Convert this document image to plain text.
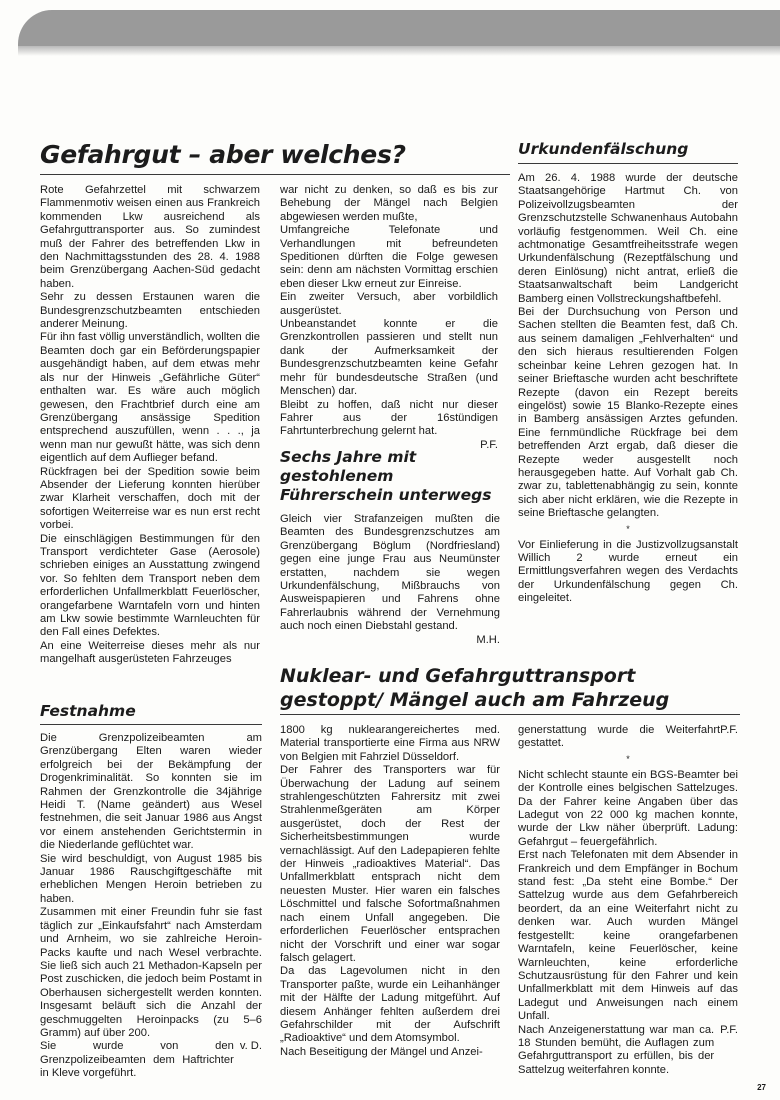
Gefahrgut – aber welches?

Rote Gefahrzettel mit schwarzem Flammenmotiv weisen einen aus Frankreich kommenden Lkw ausreichend als Gefahrguttransporter aus. So zumindest muß der Fahrer des betreffenden Lkw in den Nachmittagsstunden des 28. 4. 1988 beim Grenzübergang Aachen-Süd gedacht haben.

Sehr zu dessen Erstaunen waren die Bundesgrenzschutzbeamten entschieden anderer Meinung.

Für ihn fast völlig unverständlich, wollten die Beamten doch gar ein Beförderungspapier ausgehändigt haben, auf dem etwas mehr als nur der Hinweis „Gefährliche Güter“ enthalten war. Es wäre auch möglich gewesen, den Frachtbrief durch eine am Grenzübergang ansässige Spedition entsprechend auszufüllen, wenn . . ., ja wenn man nur gewußt hätte, was sich denn eigentlich auf dem Auflieger befand.

Rückfragen bei der Spedition sowie beim Absender der Lieferung konnten hierüber zwar Klarheit verschaffen, doch mit der sofortigen Weiterreise war es nun erst recht vorbei.

Die einschlägigen Bestimmungen für den Transport verdichteter Gase (Aerosole) schrieben einiges an Ausstattung zwingend vor. So fehlten dem Transport neben dem erforderlichen Unfallmerkblatt Feuerlöscher, orangefarbene Warntafeln vorn und hinten am Lkw sowie bestimmte Warnleuchten für den Fall eines Defektes.

An eine Weiterreise dieses mehr als nur mangelhaft ausgerüsteten Fahrzeuges

war nicht zu denken, so daß es bis zur Behebung der Mängel nach Belgien abgewiesen werden mußte,

Umfangreiche Telefonate und Verhandlungen mit befreundeten Speditionen dürften die Folge gewesen sein: denn am nächsten Vormittag erschien eben dieser Lkw erneut zur Einreise.

Ein zweiter Versuch, aber vorbildlich ausgerüstet.

Unbeanstandet konnte er die Grenzkontrollen passieren und stellt nun dank der Aufmerksamkeit der Bundesgrenzschutzbeamten keine Gefahr mehr für bundesdeutsche Straßen (und Menschen) dar.

Bleibt zu hoffen, daß nicht nur dieser Fahrer aus der 16stündigen Fahrtunterbrechung gelernt hat.

P.F.
Sechs Jahre mit gestohlenem Führerschein unterwegs

Gleich vier Strafanzeigen mußten die Beamten des Bundesgrenzschutzes am Grenzübergang Böglum (Nordfriesland) gegen eine junge Frau aus Neumünster erstatten, nachdem sie wegen Urkundenfälschung, Mißbrauchs von Ausweispapieren und Fahrens ohne Fahrerlaubnis während der Vernehmung auch noch einen Diebstahl gestand.

M.H.
Urkundenfälschung

Am 26. 4. 1988 wurde der deutsche Staatsangehörige Hartmut Ch. von Polizeivollzugsbeamten der Grenzschutzstelle Schwanenhaus Autobahn vorläufig festgenommen. Weil Ch. eine achtmonatige Gesamtfreiheitsstrafe wegen Urkundenfälschung (Rezeptfälschung und deren Einlösung) nicht antrat, erließ die Staatsanwaltschaft beim Landgericht Bamberg einen Vollstreckungshaftbefehl.

Bei der Durchsuchung von Person und Sachen stellten die Beamten fest, daß Ch. aus seinem damaligen „Fehlverhalten“ und den sich hieraus resultierenden Folgen scheinbar keine Lehren gezogen hat. In seiner Brieftasche wurden acht beschriftete Rezepte (davon ein Rezept bereits eingelöst) sowie 15 Blanko-Rezepte eines in Bamberg ansässigen Arztes gefunden. Eine fernmündliche Rückfrage bei dem betreffenden Arzt ergab, daß dieser die Rezepte weder ausgestellt noch herausgegeben hatte. Auf Vorhalt gab Ch. zwar zu, tablettenabhängig zu sein, konnte sich aber nicht erklären, wie die Rezepte in seine Brieftasche gelangten.

*

Vor Einlieferung in die Justizvollzugsanstalt Willich 2 wurde erneut ein Ermittlungsverfahren wegen des Verdachts der Urkundenfälschung gegen Ch. eingeleitet.

Festnahme

Die Grenzpolizeibeamten am Grenzübergang Elten waren wieder erfolgreich bei der Bekämpfung der Drogenkriminalität. So konnten sie im Rahmen der Grenzkontrolle die 34jährige Heidi T. (Name geändert) aus Wesel festnehmen, die seit Januar 1986 aus Angst vor einem anstehenden Gerichtstermin in die Niederlande geflüchtet war.

Sie wird beschuldigt, von August 1985 bis Januar 1986 Rauschgiftgeschäfte mit erheblichen Mengen Heroin betrieben zu haben.

Zusammen mit einer Freundin fuhr sie fast täglich zur „Einkaufsfahrt“ nach Amsterdam und Arnheim, wo sie zahlreiche Heroin-Packs kaufte und nach Wesel verbrachte. Sie ließ sich auch 21 Methadon-Kapseln per Post zuschicken, die jedoch beim Postamt in Oberhausen sichergestellt werden konnten. Insgesamt beläuft sich die Anzahl der geschmuggelten Heroinpacks (zu 5–6 Gramm) auf über 200.

Sie wurde von den Grenzpolizeibeamten dem Haftrichter in Kleve vorgeführt.
v. D.
Nuklear- und Gefahrguttransport gestoppt/ Mängel auch am Fahrzeug

1800 kg nuklearangereichertes med. Material transportierte eine Firma aus NRW von Belgien mit Fahrziel Düsseldorf.

Der Fahrer des Transporters war für Überwachung der Ladung auf seinem strahlengeschützten Fahrersitz mit zwei Strahlenmeßgeräten am Körper ausgerüstet, doch der Rest der Sicherheitsbestimmungen wurde vernachlässigt. Auf den Ladepapieren fehlte der Hinweis „radioaktives Material“. Das Unfallmerkblatt entsprach nicht dem neuesten Muster. Hier waren ein falsches Löschmittel und falsche Sofortmaßnahmen nach einem Unfall angegeben. Die erforderlichen Feuerlöscher entsprachen nicht der Vorschrift und einer war sogar falsch gelagert.

Da das Lagevolumen nicht in den Transporter paßte, wurde ein Leihanhänger mit der Hälfte der Ladung mitgeführt. Auf diesem Anhänger fehlten außerdem drei Gefahrschilder mit der Aufschrift „Radioaktive“ und dem Atomsymbol.

Nach Beseitigung der Mängel und Anzei-

generstattung wurde die Weiterfahrt gestattet.
P.F.
*

Nicht schlecht staunte ein BGS-Beamter bei der Kontrolle eines belgischen Sattelzuges. Da der Fahrer keine Angaben über das Ladegut von 22 000 kg machen konnte, wurde der Lkw näher überprüft. Ladung: Gefahrgut – feuergefährlich.

Erst nach Telefonaten mit dem Absender in Frankreich und dem Empfänger in Bochum stand fest: „Da steht eine Bombe.“ Der Sattelzug wurde aus dem Gefahrbereich beordert, da an eine Weiterfahrt nicht zu denken war. Auch wurden Mängel festgestellt: keine orangefarbenen Warntafeln, keine Feuerlöscher, keine Warnleuchten, keine erforderliche Schutzausrüstung für den Fahrer und kein Unfallmerkblatt mit dem Hinweis auf das Ladegut und Anweisungen nach einem Unfall.

Nach Anzeigenerstattung war man ca. 18 Stunden bemüht, die Auflagen zum Gefahrguttransport zu erfüllen, bis der Sattelzug weiterfahren konnte.
P.F.
27
